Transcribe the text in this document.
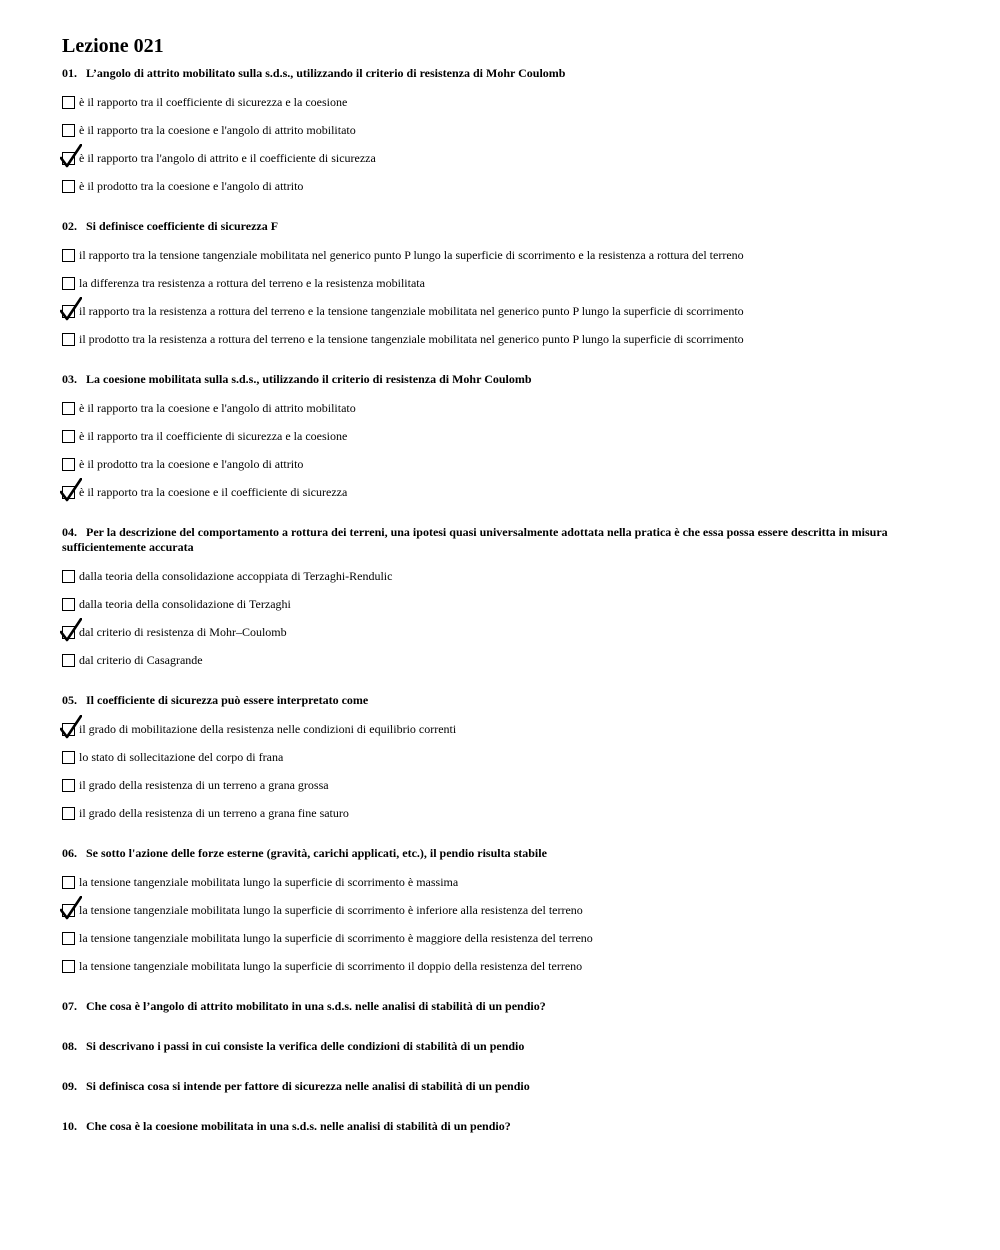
Lezione 021
01. L’angolo di attrito mobilitato sulla s.d.s., utilizzando il criterio di resistenza di Mohr Coulomb
è il rapporto tra il coefficiente di sicurezza e la coesione
è il rapporto tra la coesione e l'angolo di attrito mobilitato
è il rapporto tra l'angolo di attrito e il coefficiente di sicurezza
è il prodotto tra la coesione e l'angolo di attrito
02. Si definisce coefficiente di sicurezza F
il rapporto tra la tensione tangenziale mobilitata nel generico punto P lungo la superficie di scorrimento e la resistenza a rottura del terreno
la differenza tra resistenza a rottura del terreno e la resistenza mobilitata
il rapporto tra la resistenza a rottura del terreno e la tensione tangenziale mobilitata nel generico punto P lungo la superficie di scorrimento
il prodotto tra la resistenza a rottura del terreno e la tensione tangenziale mobilitata nel generico punto P lungo la superficie di scorrimento
03. La coesione mobilitata sulla s.d.s., utilizzando il criterio di resistenza di Mohr Coulomb
è il rapporto tra la coesione e l'angolo di attrito mobilitato
è il rapporto tra il coefficiente di sicurezza e la coesione
è il prodotto tra la coesione e l'angolo di attrito
è il rapporto tra la coesione e il coefficiente di sicurezza
04. Per la descrizione del comportamento a rottura dei terreni, una ipotesi quasi universalmente adottata nella pratica è che essa possa essere descritta in misura sufficientemente accurata
dalla teoria della consolidazione accoppiata di Terzaghi-Rendulic
dalla teoria della consolidazione di Terzaghi
dal criterio di resistenza di Mohr–Coulomb
dal criterio di Casagrande
05. Il coefficiente di sicurezza può essere interpretato come
il grado di mobilitazione della resistenza nelle condizioni di equilibrio correnti
lo stato di sollecitazione del corpo di frana
il grado della resistenza di un terreno a grana grossa
il grado della resistenza di un terreno a grana fine saturo
06. Se sotto l'azione delle forze esterne (gravità, carichi applicati, etc.), il pendio risulta stabile
la tensione tangenziale mobilitata lungo la superficie di scorrimento è massima
la tensione tangenziale mobilitata lungo la superficie di scorrimento è inferiore alla resistenza del terreno
la tensione tangenziale mobilitata lungo la superficie di scorrimento è maggiore della resistenza del terreno
la tensione tangenziale mobilitata lungo la superficie di scorrimento il doppio della resistenza del terreno
07. Che cosa è l’angolo di attrito mobilitato in una s.d.s. nelle analisi di stabilità di un pendio?
08. Si descrivano i passi in cui consiste la verifica delle condizioni di stabilità di un pendio
09. Si definisca cosa si intende per fattore di sicurezza nelle analisi di stabilità di un pendio
10. Che cosa è la coesione mobilitata in una s.d.s. nelle analisi di stabilità di un pendio?
